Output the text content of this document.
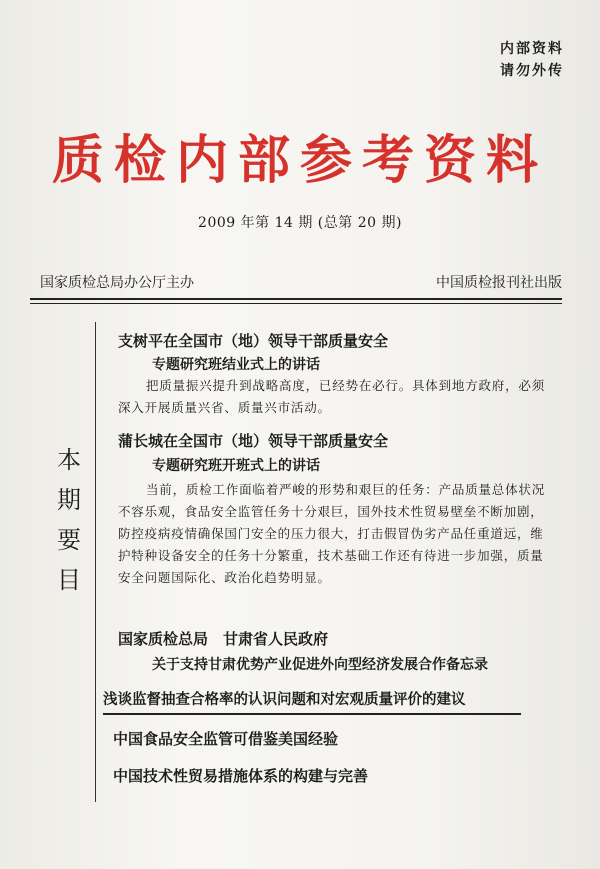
内部资料
请勿外传
质检内部参考资料
2009 年第 14 期 (总第 20 期)
国家质检总局办公厅主办	中国质检报刊社出版
本
期
要
目
支树平在全国市（地）领导干部质量安全
专题研究班结业式上的讲话
把质量振兴提升到战略高度，已经势在必行。具体到地方政府，必须深入开展质量兴省、质量兴市活动。
蒲长城在全国市（地）领导干部质量安全
专题研究班开班式上的讲话
当前，质检工作面临着严峻的形势和艰巨的任务：产品质量总体状况不容乐观，食品安全监管任务十分艰巨，国外技术性贸易壁垒不断加剧，防控疫病疫情确保国门安全的压力很大，打击假冒伪劣产品任重道远，维护特种设备安全的任务十分繁重，技术基础工作还有待进一步加强，质量安全问题国际化、政治化趋势明显。
国家质检总局　甘肃省人民政府
关于支持甘肃优势产业促进外向型经济发展合作备忘录
浅谈监督抽查合格率的认识问题和对宏观质量评价的建议
中国食品安全监管可借鉴美国经验
中国技术性贸易措施体系的构建与完善
